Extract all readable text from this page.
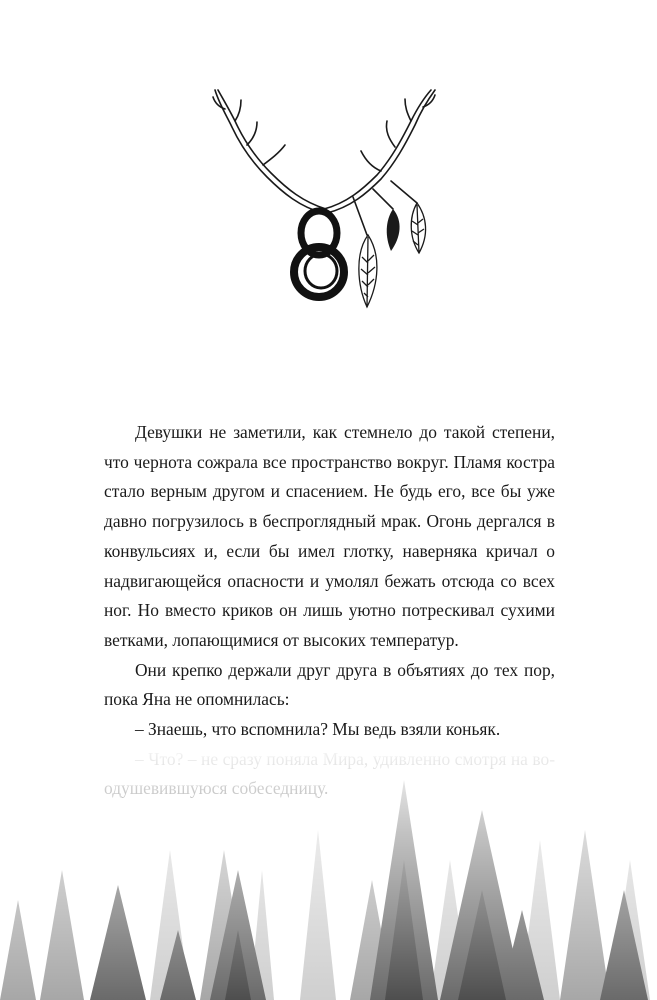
Девушки не заметили, как стемнело до такой степени, что чернота сожрала все пространство вокруг. Пламя костра стало верным другом и спасением. Не будь его, все бы уже давно погрузилось в беспроглядный мрак. Огонь дергался в конвульсиях и, если бы имел глотку, наверняка кричал о надвигающейся опасности и умолял бежать отсюда со всех ног. Но вместо криков он лишь уютно потрескивал сухими ветками, лопающимися от высоких температур.

Они крепко держали друг друга в объятиях до тех пор, пока Яна не опомнилась:

– Знаешь, что вспомнила? Мы ведь взяли коньяк.
